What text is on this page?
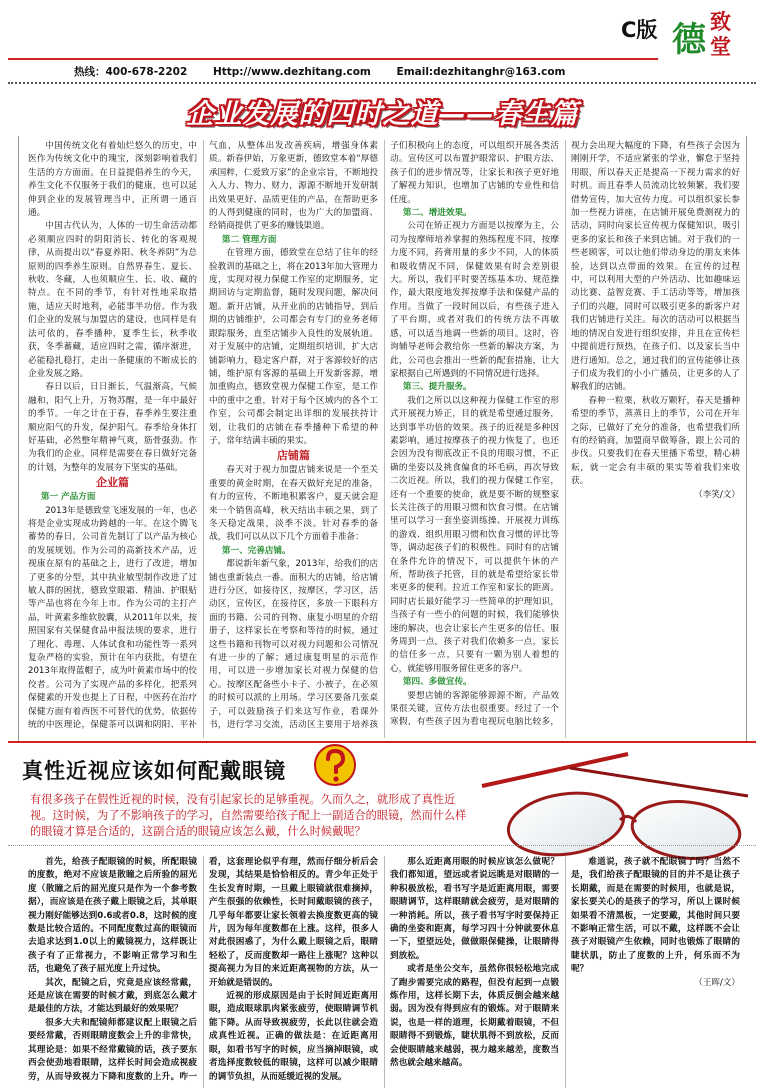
C版 德 致
堂
热线：400-678-2202 Http://www.dezhitang.com Email:dezhitanghr@163.com
企业发展的四时之道——春生篇

中国传统文化有着灿烂悠久的历史，中医作为传统文化中的瑰宝，深刻影响着我们生活的方方面面。在日益提倡养生的今天，养生文化不仅服务于我们的健康，也可以延伸到企业的发展管理当中，正所谓一通百通。

中国古代认为，人体的一切生命活动都必须顺应四时的阴阳消长、转化的客观规律，从而提出以“春夏养阳、秋冬养阴”为总原则的四季养生原则。自然界春生、夏长、秋收、冬藏，人也须顺应生、长、收、藏的特点。在不同的季节，有针对性地采取措施，适应天时地利，必能事半功倍。作为我们企业的发展与加盟店的建设，也同样是有法可依的，春季播种，夏季生长，秋季收获，冬季蓄藏，适应四时之需，循序渐进，必能稳扎稳打，走出一条健康的不断成长的企业发展之路。

春日以后，日日渐长，气温渐高，气候融和，阳气上升，万物苏醒，是一年中最好的季节。一年之计在于春，春季养生要注重顺应阳气的升发，保护阳气。春季给身体打好基础，必然整年精神气爽，筋骨强劲。作为我们的企业，同样是需要在春日做好完备的计划，为整年的发展夯下坚实的基础。

企业篇

第一 产品方面

2013年是德致堂飞速发展的一年，也必将是企业实现成功跨越的一年。在这个腾飞蓄势的春日，公司首先制订了以产品为核心的发展规划。作为公司的高新技术产品，近视康在原有的基础之上，进行了改进，增加了更多的分型，其中执业敏型制作改进了过敏人群的困扰，德致堂眼霜、精油、护眼贴等产品也将在今年上市。作为公司的主打产品，叶黄素多维软胶囊，从2011年以来，按照国家有关保健食品申报法规的要求，进行了理化、毒理、人体试食和功能性等一系列复杂严格的实验，预计在年内获批，有望在2013年取得蓝帽子，成为叶黄素市场中的佼佼者。公司为了实现产品的多样化，把系列保健素的开发也提上了日程，中医药在治疗保健方面有着西医不可替代的优势，依据传统的中医理论，保健茶可以调和阴阳、平补气血，从整体出发改善疾病，增强身体素质。新春伊始，万象更新，德致堂本着“厚德承国粹，仁爱致万家”的企业宗旨，不断地投入人力、物力、财力，源源不断地开发研制出效果更好、品质更佳的产品，在帮助更多的人得到健康的同时，也为广大的加盟商、经销商提供了更多的赚钱渠道。

第二 管理方面

在管理方面，德致堂在总结了往年的经验教训的基础之上，将在2013年加大管理力度，实现对视力保健工作室的定期服务，定期回访与定期监督，随时发现问题，解决问题。新开店铺，从开业前的店铺指导，到后期的店铺维护，公司都会有专门的业务老师跟踪服务，直至店铺步入良性的发展轨道。对于发展中的店铺，定期组织培训，扩大店铺影响力，稳定客户群，对于客源较好的店铺，维护原有客源的基础上开发新客源，增加重购点，德致堂视力保健工作室，是工作中的重中之重，针对于每个区域内的各个工作室，公司都会制定出详细的发展扶持计划，让我们的店铺在春季播种下希望的种子，常年结满丰硕的果实。

店铺篇

春天对于视力加盟店铺来说是一个至关重要的黄金时期，在春天做好充足的准备，有力的宣传，不断地积累客户，夏天就会迎来一个销售高峰，秋天结出丰硕之果，到了冬天稳定战果，淡季不淡。针对春季的备战，我们可以从以下几个方面着手准备：

第一、完善店铺。

都说新年新气象，2013年，给我们的店铺也重新装点一番。面积大的店铺，给店铺进行分区，如接待区，按摩区，学习区，活动区，宣传区，在接待区，多放一下眼科方面的书籍、公司的刊物、康复小明星的介绍册子，这样家长在考察和等待的时候，通过这些书籍和刊物可以对视力问题和公司情况有进一步的了解；通过康复明星的示范作用，可以进一步增加家长对视力保健的信心。按摩区配备些小卡子、小被子，在必须的时候可以派的上用场。学习区要备几张桌子，可以鼓励孩子们来这写作业，看课外书，进行学习交流，活动区主要用于培养孩子们积极向上的态度，可以组织开展各类活动。宣传区可以布置护眼常识、护眼方法、孩子们的进步情况等，让家长和孩子更好地了解视力知识，也增加了店铺的专业性和信任度。

第二、增进效果。

公司在矫正视力方面是以按摩为主，公司为按摩师培养掌握的熟练程度不同，按摩力度不同，药膏用量的多少不同，人的体质和吸收情况不同，保健效果有时会差别很大。所以，我们平时要苦练基本功、规范操作，最大限度地发挥按摩手法和保健产品的作用。当做了一段时间以后，有些孩子进入了平台期，或者对我们的传统方法不再敏感，可以适当地调一些新的项目。这时，咨询辅导老师会教给你一些新的解决方案，为此，公司也会推出一些新的配套措施，让大家根据自己所遇到的不同情况进行选择。

第三、提升服务。

我们之所以以这种视力保健工作室的形式开展视力矫正，目的就是希望通过服务，达到事半功倍的效果。孩子的近视是多种因素影响，通过按摩孩子的视力恢复了，也还会因为没有彻底改正不良的用眼习惯，不正确的坐姿以及挑食偏食的坏毛病，再次导致二次近视。所以，我们的视力保健工作室，还有一个重要的使命，就是要不断的规整家长关注孩子的用眼习惯和饮食习惯。在店铺里可以学习一套坐姿训练操、开展视力训练的游戏、组织用眼习惯和饮食习惯的评比等等，调动起孩子们的积极性。同时有的店铺在条件允许的情况下，可以提供午休的产所，帮助孩子托管，目的就是希望给家长带来更多的便利。拉近工作室和家长的距离。同时店长最好能学习一些简单的护理知识，当孩子有一些小的问题的时候，我们能够快速的解决，也会让家长产生更多的信任。服务周到一点，孩子对我们依赖多一点，家长的信任多一点，只要有一颗为别人着想的心，就能够用服务留住更多的客户。

第四、多做宣传。

要想店铺的客源能够源源不断，产品效果很关键，宣传方法也很重要。经过了一个寒假，有些孩子因为看电视玩电脑比较多，视力会出现大幅度的下降，有些孩子会因为刚刚开学，不适应紧张的学业，懈怠于坚持用眼，所以春天正是提高一下视力需求的好时机。而且春季人员流动比较频繁，我们要借势宣传，加大宣传力度。可以组织家长参加一些视力讲座，在店铺开展免费测视力的活动，同时向家长宣传视力保健知识，吸引更多的家长和孩子来到店铺。对于我们的一些老顾客，可以让他们带动身边的朋友来体验，达到以点带面的效果。在宣传的过程中，可以利用大型的户外活动、比如趣味运动比赛、益智竞赛、手工活动等等，增加孩子们的兴趣，同时可以吸引更多的新客户对我们店铺进行关注。每次的活动可以根据当地的情况自发进行组织安排，并且在宣传栏中提前进行预热，在孩子们、以及家长当中进行通知。总之，通过我们的宣传能够让孩子们成为我们的小小广播员，让更多的人了解我们的店铺。

春种一粒栗，秋收万颗籽，春天是播种希望的季节，蒸蒸日上的季节，公司在开年之际，已做好了充分的准备，也希望我们所有的经销商，加盟商早做筹备，跟上公司的步伐。只要我们在春天里播下希望，精心耕耘，就一定会有丰硕的果实等着我们来收获。

（李笑/文）

真性近视应该如何配戴眼镜
有很多孩子在假性近视的时候，没有引起家长的足够重视。久而久之，就形成了真性近视。这时候，为了不影响孩子的学习，自然需要给孩子配上一副适合的眼镜，然而什么样的眼镜才算是合适的，这副合适的眼镜应该怎么戴，什么时候戴呢？

首先，给孩子配眼镜的时候，所配眼镜的度数，绝对不应该是散瞳之后所验的屈光度（散瞳之后的屈光度只是作为一个参考数据），而应该是在孩子戴上眼镜之后，其单眼视力刚好能够达到0.6或者0.8，这时候的度数是比较合适的。不同配度数过高的眼镜而去追求达到1.0以上的戴镜视力，这样既让孩子有了正常视力，不影响正常学习和生活，也避免了孩子屈光度上升过快。

其次，配镜之后，究竟是应该经常戴，还是应该在需要的时候才戴，到底怎么戴才是最佳的方法，才能达到最好的效果呢？

很多大夫和配镜师都建议配上眼镜之后要经常戴，否则眼睛度数会上升的非常快，其理论是：如果不经常戴镜的话，孩子要东西会使劲地看眼睛，这样长时间会造成视疲劳，从而导致视力下降和度数的上升。咋一看，这套理论似乎有理，然而仔细分析后会发现，其结果是恰恰相反的。青少年正处于生长发育时期，一旦戴上眼镜就很难摘掉，产生很强的依赖性，长时间戴眼镜的孩子，几乎每年都要让家长领着去换度数更高的镜片，因为每年度数都在上涨。这样，很多人对此很困惑了，为什么戴上眼镜之后，眼睛轻松了，反而度数却一路往上涨呢？这种以提高视力为目的来近距离视物的方法，从一开始就是错误的。

近视的形成原因是由于长时间近距离用眼，造成眼球肌肉紧张疲劳，使眼睛调节机能下降。从而导致视疲劳，长此以往就会造成真性近视。正确的做法是：在近距离用眼，如看书写字的时候，应当摘掉眼镜，或者选择度数较低的眼镜，这样可以减少眼睛的调节负担，从而延缓近视的发展。

那么近距离用眼的时候应该怎么做呢？我们都知道，望远或者说远眺是对眼睛的一种积极放松，看书写字是近距离用眼，需要眼睛调节，这样眼睛就会疲劳，是对眼睛的一种消耗。所以，孩子看书写字时要保持正确的坐姿和距离，每学习四十分钟就要休息一下，望望远处，做做眼保健操，让眼睛得到放松。

或者是坐公交车，虽然你很轻松地完成了跑步需要完成的路程，但没有起到一点锻炼作用，这样长期下去，体质反倒会越来越弱。因为没有得到应有的锻炼。对于眼睛来说，也是一样的道理，长期戴着眼镜，不但眼睛得不到锻炼，睫状肌得不到放松，反而会使眼睛越来越弱，视力越来越差，度数当然也就会越来越高。

难道说，孩子就不配眼镜了吗？当然不是，我们给孩子配眼镜的目的并不是让孩子长期戴，而是在需要的时候用，也就是说，家长要关心的是孩子的学习，所以上课时候如果看不清黑板，一定要戴，其他时间只要不影响正常生活，可以不戴，这样既不会让孩子对眼镜产生依赖，同时也锻炼了眼睛的睫状肌，防止了度数的上升，何乐而不为呢？

（王晖/文）
